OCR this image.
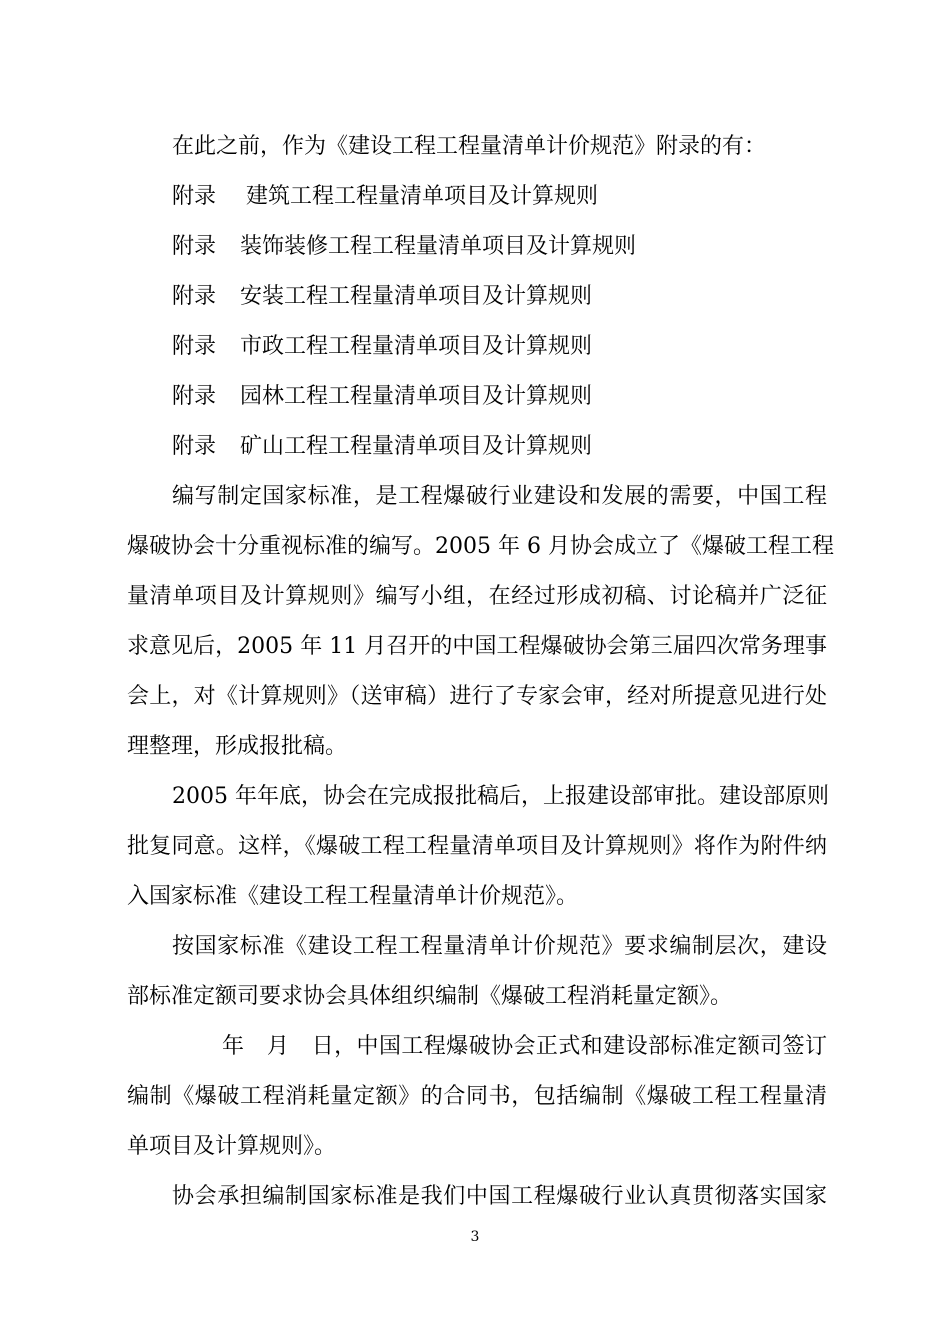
在此之前，作为《建设工程工程量清单计价规范》附录的有：
附录 建筑工程工程量清单项目及计算规则
附录 装饰装修工程工程量清单项目及计算规则
附录 安装工程工程量清单项目及计算规则
附录 市政工程工程量清单项目及计算规则
附录 园林工程工程量清单项目及计算规则
附录 矿山工程工程量清单项目及计算规则
编写制定国家标准，是工程爆破行业建设和发展的需要，中国工程
爆破协会十分重视标准的编写。2005 年 6 月协会成立了《爆破工程工程
量清单项目及计算规则》编写小组，在经过形成初稿、讨论稿并广泛征
求意见后，2005 年 11 月召开的中国工程爆破协会第三届四次常务理事
会上，对《计算规则》（送审稿）进行了专家会审，经对所提意见进行处
理整理，形成报批稿。
2005 年年底，协会在完成报批稿后，上报建设部审批。建设部原则
批复同意。这样，《爆破工程工程量清单项目及计算规则》将作为附件纳
入国家标准《建设工程工程量清单计价规范》。
按国家标准《建设工程工程量清单计价规范》要求编制层次，建设
部标准定额司要求协会具体组织编制《爆破工程消耗量定额》。
年　月　日，中国工程爆破协会正式和建设部标准定额司签订
编制《爆破工程消耗量定额》的合同书，包括编制《爆破工程工程量清
单项目及计算规则》。
协会承担编制国家标准是我们中国工程爆破行业认真贯彻落实国家
3
